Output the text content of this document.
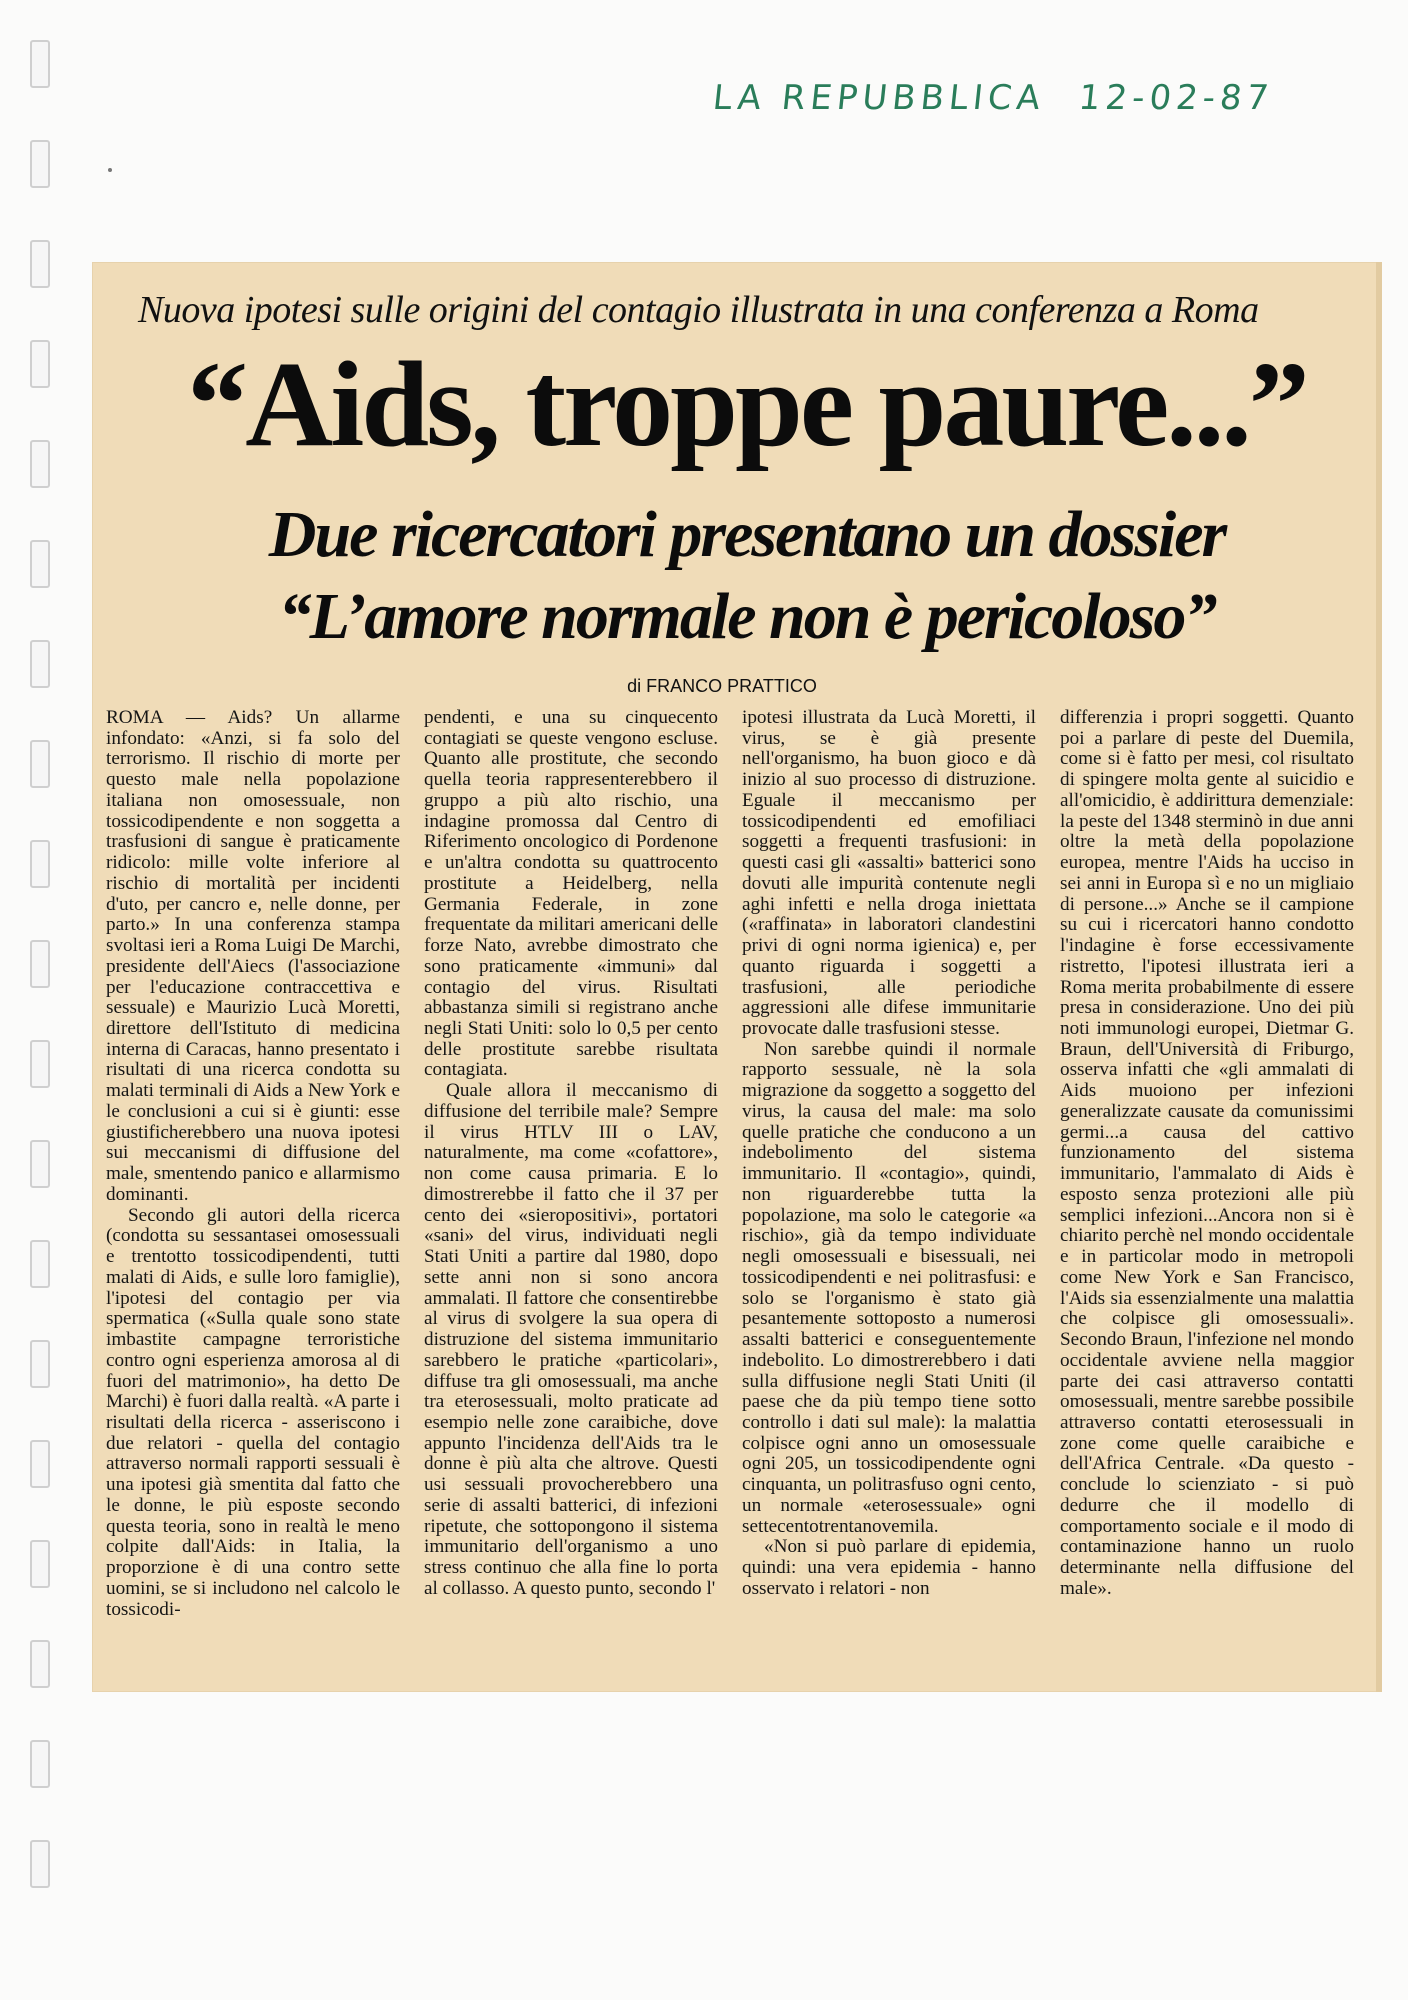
LA REPUBBLICA 12-02-87
Nuova ipotesi sulle origini del contagio illustrata in una conferenza a Roma
“Aids, troppe paure...”
Due ricercatori presentano un dossier
“L’amore normale non è pericoloso”
di FRANCO PRATTICO

ROMA — Aids? Un allarme infondato: «Anzi, si fa solo del terrorismo. Il rischio di morte per questo male nella popolazione italiana non omosessuale, non tossicodipendente e non soggetta a trasfusioni di sangue è praticamente ridicolo: mille volte inferiore al rischio di mortalità per incidenti d'uto, per cancro e, nelle donne, per parto.» In una conferenza stampa svoltasi ieri a Roma Luigi De Marchi, presidente dell'Aiecs (l'associazione per l'educazione contraccettiva e sessuale) e Maurizio Lucà Moretti, direttore dell'Istituto di medicina interna di Caracas, hanno presentato i risultati di una ricerca condotta su malati terminali di Aids a New York e le conclusioni a cui si è giunti: esse giustificherebbero una nuova ipotesi sui meccanismi di diffusione del male, smentendo panico e allarmismo dominanti.

Secondo gli autori della ricerca (condotta su sessantasei omosessuali e trentotto tossicodipendenti, tutti malati di Aids, e sulle loro famiglie), l'ipotesi del contagio per via spermatica («Sulla quale sono state imbastite campagne terroristiche contro ogni esperienza amorosa al di fuori del matrimonio», ha detto De Marchi) è fuori dalla realtà. «A parte i risultati della ricerca - asseriscono i due relatori - quella del contagio attraverso normali rapporti sessuali è una ipotesi già smentita dal fatto che le donne, le più esposte secondo questa teoria, sono in realtà le meno colpite dall'Aids: in Italia, la proporzione è di una contro sette uomini, se si includono nel calcolo le tossicodi-

pendenti, e una su cinquecento contagiati se queste vengono escluse. Quanto alle prostitute, che secondo quella teoria rappresenterebbero il gruppo a più alto rischio, una indagine promossa dal Centro di Riferimento oncologico di Pordenone e un'altra condotta su quattrocento prostitute a Heidelberg, nella Germania Federale, in zone frequentate da militari americani delle forze Nato, avrebbe dimostrato che sono praticamente «immuni» dal contagio del virus. Risultati abbastanza simili si registrano anche negli Stati Uniti: solo lo 0,5 per cento delle prostitute sarebbe risultata contagiata.

Quale allora il meccanismo di diffusione del terribile male? Sempre il virus HTLV III o LAV, naturalmente, ma come «cofattore», non come causa primaria. E lo dimostrerebbe il fatto che il 37 per cento dei «sieropositivi», portatori «sani» del virus, individuati negli Stati Uniti a partire dal 1980, dopo sette anni non si sono ancora ammalati. Il fattore che consentirebbe al virus di svolgere la sua opera di distruzione del sistema immunitario sarebbero le pratiche «particolari», diffuse tra gli omosessuali, ma anche tra eterosessuali, molto praticate ad esempio nelle zone caraibiche, dove appunto l'incidenza dell'Aids tra le donne è più alta che altrove. Questi usi sessuali provocherebbero una serie di assalti batterici, di infezioni ripetute, che sottopongono il sistema immunitario dell'organismo a uno stress continuo che alla fine lo porta al collasso. A questo punto, secondo l'

ipotesi illustrata da Lucà Moretti, il virus, se è già presente nell'organismo, ha buon gioco e dà inizio al suo processo di distruzione. Eguale il meccanismo per tossicodipendenti ed emofiliaci soggetti a frequenti trasfusioni: in questi casi gli «assalti» batterici sono dovuti alle impurità contenute negli aghi infetti e nella droga iniettata («raffinata» in laboratori clandestini privi di ogni norma igienica) e, per quanto riguarda i soggetti a trasfusioni, alle periodiche aggressioni alle difese immunitarie provocate dalle trasfusioni stesse.

Non sarebbe quindi il normale rapporto sessuale, nè la sola migrazione da soggetto a soggetto del virus, la causa del male: ma solo quelle pratiche che conducono a un indebolimento del sistema immunitario. Il «contagio», quindi, non riguarderebbe tutta la popolazione, ma solo le categorie «a rischio», già da tempo individuate negli omosessuali e bisessuali, nei tossicodipendenti e nei politrasfusi: e solo se l'organismo è stato già pesantemente sottoposto a numerosi assalti batterici e conseguentemente indebolito. Lo dimostrerebbero i dati sulla diffusione negli Stati Uniti (il paese che da più tempo tiene sotto controllo i dati sul male): la malattia colpisce ogni anno un omosessuale ogni 205, un tossicodipendente ogni cinquanta, un politrasfuso ogni cento, un normale «eterosessuale» ogni settecentotrentanovemila.

«Non si può parlare di epidemia, quindi: una vera epidemia - hanno osservato i relatori - non

differenzia i propri soggetti. Quanto poi a parlare di peste del Duemila, come si è fatto per mesi, col risultato di spingere molta gente al suicidio e all'omicidio, è addirittura demenziale: la peste del 1348 sterminò in due anni oltre la metà della popolazione europea, mentre l'Aids ha ucciso in sei anni in Europa sì e no un migliaio di persone...» Anche se il campione su cui i ricercatori hanno condotto l'indagine è forse eccessivamente ristretto, l'ipotesi illustrata ieri a Roma merita probabilmente di essere presa in considerazione. Uno dei più noti immunologi europei, Dietmar G. Braun, dell'Università di Friburgo, osserva infatti che «gli ammalati di Aids muoiono per infezioni generalizzate causate da comunissimi germi...a causa del cattivo funzionamento del sistema immunitario, l'ammalato di Aids è esposto senza protezioni alle più semplici infezioni...Ancora non si è chiarito perchè nel mondo occidentale e in particolar modo in metropoli come New York e San Francisco, l'Aids sia essenzialmente una malattia che colpisce gli omosessuali». Secondo Braun, l'infezione nel mondo occidentale avviene nella maggior parte dei casi attraverso contatti omosessuali, mentre sarebbe possibile attraverso contatti eterosessuali in zone come quelle caraibiche e dell'Africa Centrale. «Da questo - conclude lo scienziato - si può dedurre che il modello di comportamento sociale e il modo di contaminazione hanno un ruolo determinante nella diffusione del male».
